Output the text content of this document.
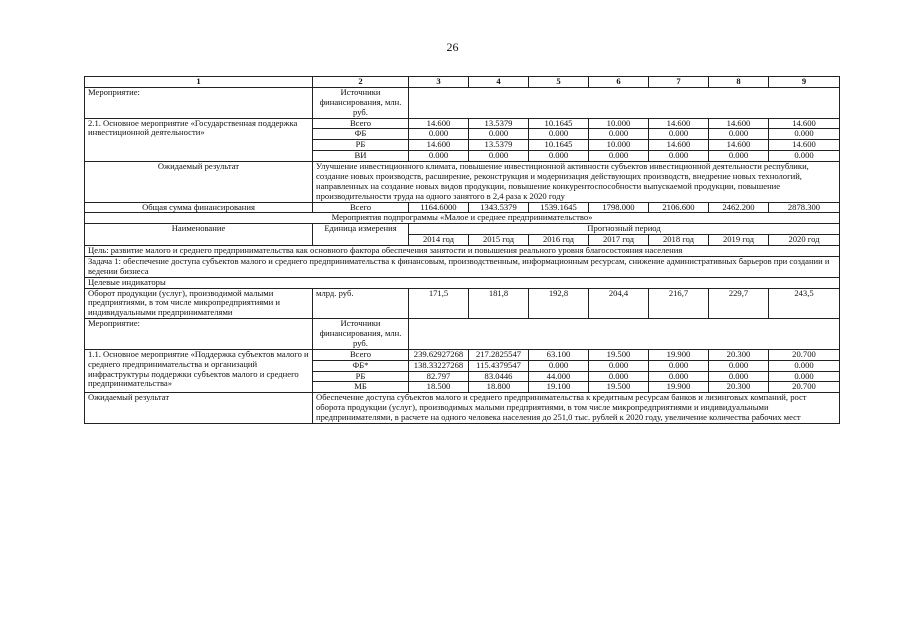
26
1	2	3	4	5	6	7	8	9
Мероприятие:	Источники финансирования, млн. руб.							
2.1. Основное мероприятие «Государственная поддержка инвестиционной деятельности»	Всего	14.600	13.5379	10.1645	10.000	14.600	14.600	14.600
	ФБ	0.000	0.000	0.000	0.000	0.000	0.000	0.000
	РБ	14.600	13.5379	10.1645	10.000	14.600	14.600	14.600
	ВИ	0.000	0.000	0.000	0.000	0.000	0.000	0.000
Ожидаемый результат	Улучшение инвестиционного климата, повышение инвестиционной активности субъектов инвестиционной деятельности республики, создание новых производств, расширение, реконструкция и модернизация действующих производств, внедрение новых технологий, направленных на создание новых видов продукции, повышение конкурентоспособности выпускаемой продукции, повышение производительности труда на одного занятого в 2,4 раза к 2020 году							
Общая сумма финансирования	Всего	1164.6000	1343.5379	1539.1645	1798.000	2106.600	2462.200	2878.300
Мероприятия подпрограммы «Малое и среднее предпринимательство»								
Наименование	Единица измерения	Прогнозный период						
		2014 год	2015 год	2016 год	2017 год	2018 год	2019 год	2020 год
Цель: развитие малого и среднего предпринимательства как основного фактора обеспечения занятости и повышения реального уровня благосостояния населения								
Задача 1: обеспечение доступа субъектов малого и среднего предпринимательства к финансовым, производственным, информационным ресурсам, снижение административных барьеров при создании и ведении бизнеса								
Целевые индикаторы								
Оборот продукции (услуг), производимой малыми предприятиями, в том числе микропредприятиями и индивидуальными предпринимателями	млрд. руб.	171,5	181,8	192,8	204,4	216,7	229,7	243,5
Мероприятие:	Источники финансирования, млн. руб.							
1.1. Основное мероприятие «Поддержка субъектов малого и среднего предпринимательства и организаций инфраструктуры поддержки субъектов малого и среднего предпринимательства»	Всего	239.62927268	217.2825547	63.100	19.500	19.900	20.300	20.700
	ФБ*	138.33227268	115.4379547	0.000	0.000	0.000	0.000	0.000
	РБ	82.797	83.0446	44.000	0.000	0.000	0.000	0.000
	МБ	18.500	18.800	19.100	19.500	19.900	20.300	20.700
Ожидаемый результат	Обеспечение доступа субъектов малого и среднего предпринимательства к кредитным ресурсам банков и лизинговых компаний, рост оборота продукции (услуг), производимых малыми предприятиями, в том числе микропредприятиями и индивидуальными предпринимателями, в расчете на одного человека населения до 251,0 тыс. рублей к 2020 году, увеличение количества рабочих мест							
